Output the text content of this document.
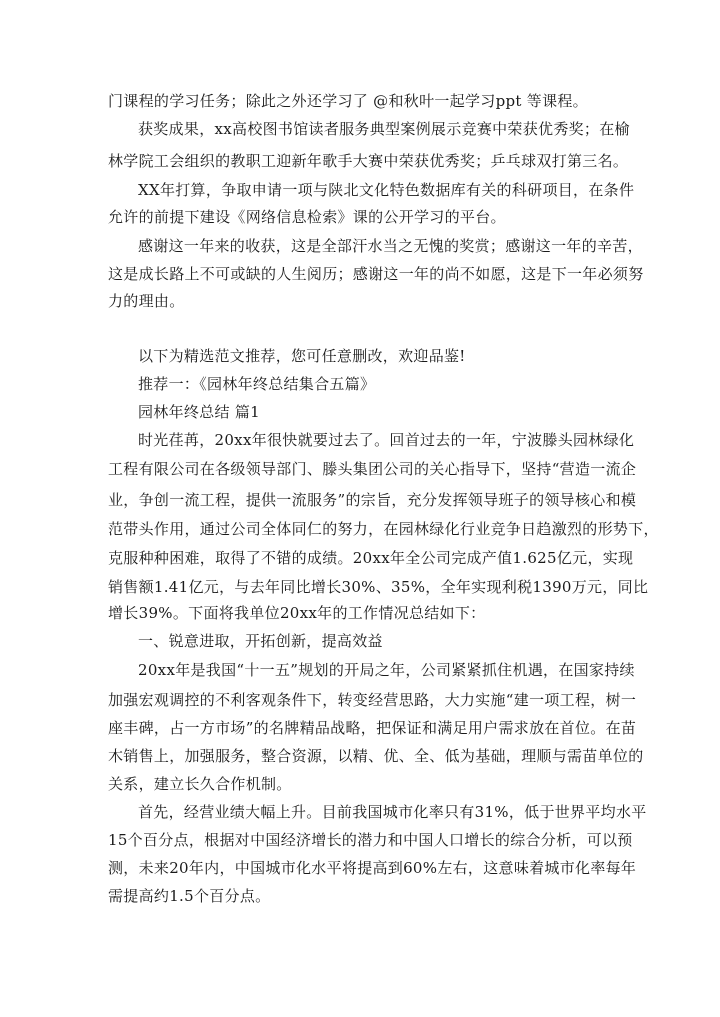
门课程的学习任务；除此之外还学习了 @和秋叶一起学习ppt 等课程。
获奖成果，xx高校图书馆读者服务典型案例展示竞赛中荣获优秀奖；在榆
林学院工会组织的教职工迎新年歌手大赛中荣获优秀奖；乒乓球双打第三名。
XX年打算，争取申请一项与陕北文化特色数据库有关的科研项目，在条件
允许的前提下建设《网络信息检索》课的公开学习的平台。
感谢这一年来的收获，这是全部汗水当之无愧的奖赏；感谢这一年的辛苦，
这是成长路上不可或缺的人生阅历；感谢这一年的尚不如愿，这是下一年必须努
力的理由。
以下为精选范文推荐，您可任意删改，欢迎品鉴!
推荐一：《园林年终总结集合五篇》
园林年终总结 篇1
时光荏苒，20xx年很快就要过去了。回首过去的一年，宁波滕头园林绿化
工程有限公司在各级领导部门、滕头集团公司的关心指导下，坚持“营造一流企
业，争创一流工程，提供一流服务”的宗旨，充分发挥领导班子的领导核心和模
范带头作用，通过公司全体同仁的努力，在园林绿化行业竞争日趋激烈的形势下，
克服种种困难，取得了不错的成绩。20xx年全公司完成产值1.625亿元，实现
销售额1.41亿元，与去年同比增长30%、35%，全年实现利税1390万元，同比
增长39%。下面将我单位20xx年的工作情况总结如下：
一、锐意进取，开拓创新，提高效益
20xx年是我国“十一五”规划的开局之年，公司紧紧抓住机遇，在国家持续
加强宏观调控的不利客观条件下，转变经营思路，大力实施“建一项工程，树一
座丰碑，占一方市场”的名牌精品战略，把保证和满足用户需求放在首位。在苗
木销售上，加强服务，整合资源，以精、优、全、低为基础，理顺与需苗单位的
关系，建立长久合作机制。
首先，经营业绩大幅上升。目前我国城市化率只有31%，低于世界平均水平
15个百分点，根据对中国经济增长的潜力和中国人口增长的综合分析，可以预
测，未来20年内，中国城市化水平将提高到60%左右，这意味着城市化率每年
需提高约1.5个百分点。
